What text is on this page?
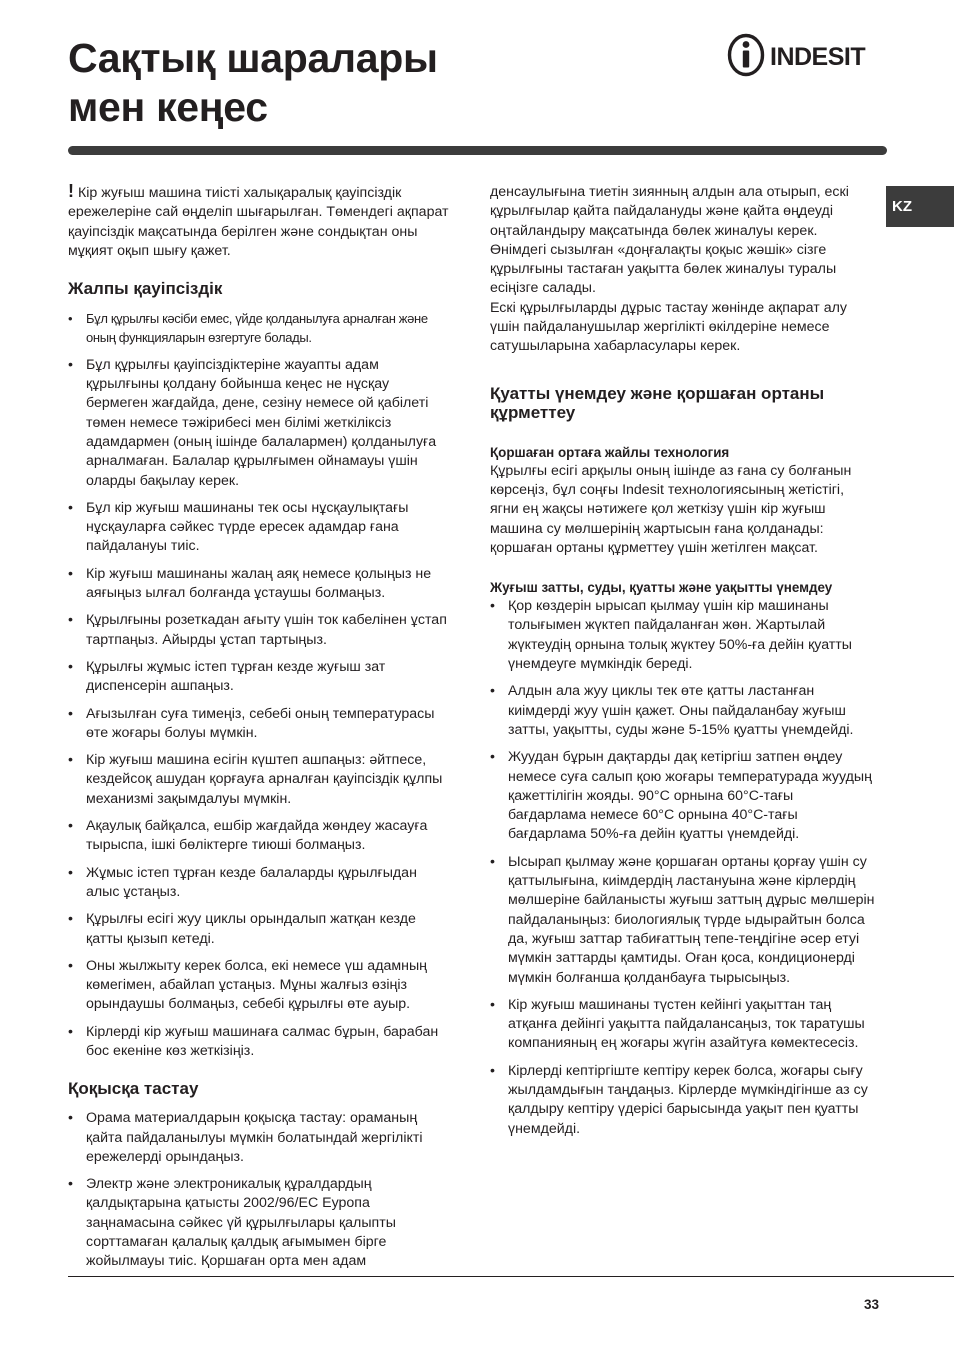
Сақтық шаралары
мен кеңес
INDESIT
KZ

! Кір жуғыш машина тиісті халықаралық қауіпсіздік ережелеріне сай өңделіп шығарылған. Төмендегі ақпарат қауіпсіздік мақсатында берілген және сондықтан оны мұқият оқып шығу қажет.

Жалпы қауіпсіздік
• Бұл құрылғы кәсіби емес, үйде қолданылуға арналған және оның функцияларын өзгертуге болады.
• Бұл құрылғы қауіпсіздіктеріне жауапты адам құрылғыны қолдану бойынша кеңес не нұсқау бермеген жағдайда, дене, сезіну немесе ой қабілеті төмен немесе тәжірибесі мен білімі жеткіліксіз адамдармен (оның ішінде балалармен) қолданылуға арналмаған. Балалар құрылғымен ойнамауы үшін оларды бақылау керек.
• Бұл кір жуғыш машинаны тек осы нұсқаулықтағы нұсқауларға сәйкес түрде ересек адамдар ғана пайдалануы тиіс.
• Кір жуғыш машинаны жалаң аяқ немесе қолыңыз не аяғыңыз ылғал болғанда ұстаушы болмаңыз.
• Құрылғыны розеткадан ағыту үшін ток кабелінен ұстап тартпаңыз. Айырды ұстап тартыңыз.
• Құрылғы жұмыс істеп тұрған кезде жуғыш зат диспенсерін ашпаңыз.
• Ағызылған суға тимеңіз, себебі оның температурасы өте жоғары болуы мүмкін.
• Кір жуғыш машина есігін күштеп ашпаңыз: әйтпесе, кездейсоқ ашудан қорғауға арналған қауіпсіздік құлпы механизмі зақымдалуы мүмкін.
• Ақаулық байқалса, ешбір жағдайда жөндеу жасауға тырыспа, ішкі бөліктерге тиюші болмаңыз.
• Жұмыс істеп тұрған кезде балаларды құрылғыдан алыс ұстаңыз.
• Құрылғы есігі жуу циклы орындалып жатқан кезде қатты қызып кетеді.
• Оны жылжыту керек болса, екі немесе үш адамның көмегімен, абайлап ұстаңыз. Мұны жалғыз өзіңіз орындаушы болмаңыз, себебі құрылғы өте ауыр.
• Кірлерді кір жуғыш машинаға салмас бұрын, барабан бос екеніне көз жеткізіңіз.
Қоқысқа тастау
• Орама материалдарын қоқысқа тастау: ораманың қайта пайдаланылуы мүмкін болатындай жергілікті ережелерді орындаңыз.
• Электр және электроникалық құралдардың қалдықтарына қатысты 2002/96/EC Еуропа заңнамасына сәйкес үй құрылғылары қалыпты сорттамаған қалалық қалдық ағымымен бірге жойылмауы тиіс. Қоршаған орта мен адам

денсаулығына тиетін зиянның алдын ала отырып, ескі құрылғылар қайта пайдалануды және қайта өңдеуді оңтайландыру мақсатында бөлек жиналуы керек. Өнімдегі сызылған «доңғалақты қоқыс жәшік» сізге құрылғыны тастаған уақытта бөлек жиналуы туралы есіңізге салады.

Ескі құрылғыларды дұрыс тастау жөнінде ақпарат алу үшін пайдаланушылар жергілікті өкілдеріне немесе сатушыларына хабарласулары керек.

Қуатты үнемдеу және қоршаған ортаны құрметтеу
Қоршаған ортаға жайлы технология

Құрылғы есігі арқылы оның ішінде аз ғана су болғанын көрсеңіз, бұл соңғы Indesit технологиясының жетістігі, ягни ең жақсы нәтижеге қол жеткізу үшін кір жуғыш машина су мөлшерінің жартысын ғана қолданады: қоршаған ортаны құрметтеу үшін жетілген мақсат.

Жуғыш затты, суды, қуатты және уақытты үнемдеу
• Қор көздерін ырысап қылмау үшін кір машинаны толығымен жүктеп пайдаланған жөн. Жартылай жүктеудің орнына толық жүктеу 50%-ға дейін қуатты үнемдеуге мүмкіндік береді.
• Алдын ала жуу циклы тек өте қатты ластанған киімдерді жуу үшін қажет. Оны пайдаланбау жуғыш затты, уақытты, суды және 5-15% қуатты үнемдейді.
• Жуудан бұрын дақтарды дақ кетіргіш затпен өңдеу немесе суға салып қою жоғары температурада жуудың қажеттілігін жояды. 90°С орнына 60°С-тағы бағдарлама немесе 60°С орнына 40°С-тағы бағдарлама 50%-ға дейін қуатты үнемдейді.
• Ысырап қылмау және қоршаған ортаны қорғау үшін су қаттылығына, киімдердің ластануына және кірлердің мөлшеріне байланысты жуғыш заттың дұрыс мөлшерін пайдаланыңыз: биологиялық түрде ыдырайтын болса да, жуғыш заттар табиғаттың тепе-теңдігіне әсер етуі мүмкін заттарды қамтиды. Оған қоса, кондиционерді мүмкін болғанша қолданбауға тырысыңыз.
• Кір жуғыш машинаны түстен кейінгі уақыттан таң атқанға дейінгі уақытта пайдалансаңыз, ток таратушы компанияның ең жоғары жүгін азайтуға көмектесесіз.
• Кірлерді кептіргіште кептіру керек болса, жоғары сығу жылдамдығын таңдаңыз. Кірлерде мүмкіндігінше аз су қалдыру кептіру үдерісі барысында уақыт пен қуатты үнемдейді.
33
